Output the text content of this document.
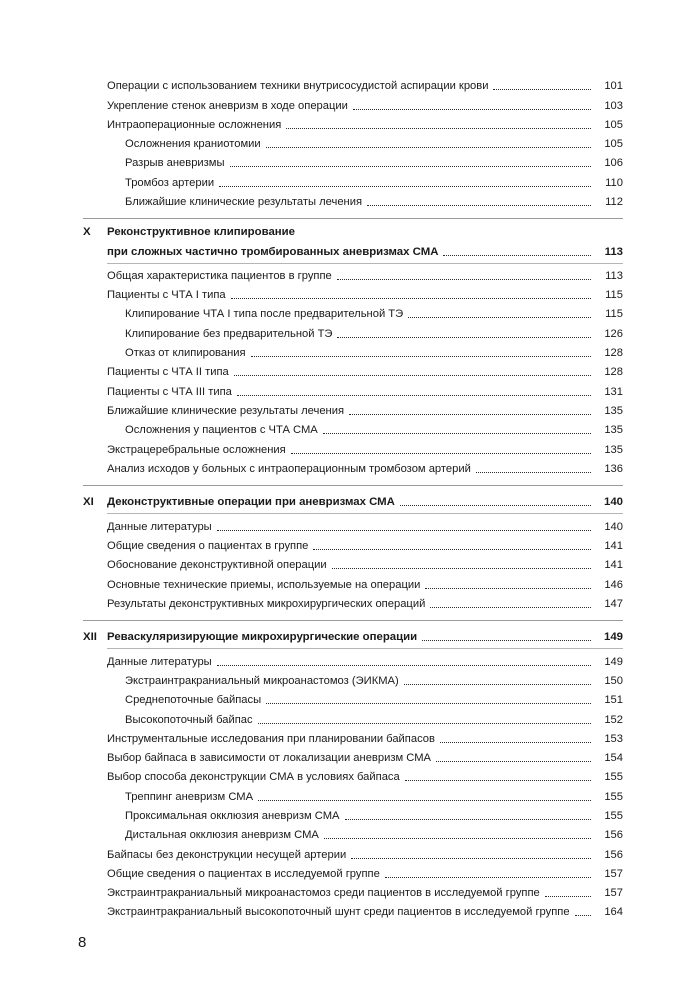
Операции с использованием техники внутрисосудистой аспирации крови	101
Укрепление стенок аневризм в ходе операции	103
Интраоперационные осложнения	105
Осложнения краниотомии	105
Разрыв аневризмы	106
Тромбоз артерии	110
Ближайшие клинические результаты лечения	112
X	Реконструктивное клипирование
при сложных частично тромбированных аневризмах СМА	113
Общая характеристика пациентов в группе	113
Пациенты с ЧТА I типа	115
Клипирование ЧТА I типа после предварительной ТЭ	115
Клипирование без предварительной ТЭ	126
Отказ от клипирования	128
Пациенты с ЧТА II типа	128
Пациенты с ЧТА III типа	131
Ближайшие клинические результаты лечения	135
Осложнения у пациентов с ЧТА СМА	135
Экстрацеребральные осложнения	135
Анализ исходов у больных с интраоперационным тромбозом артерий	136
XI	Деконструктивные операции при аневризмах СМА	140
Данные литературы	140
Общие сведения о пациентах в группе	141
Обоснование деконструктивной операции	141
Основные технические приемы, используемые на операции	146
Результаты деконструктивных микрохирургических операций	147
XII Реваскуляризирующие микрохирургические операции	149
Данные литературы	149
Экстраинтракраниальный микроанастомоз (ЭИКМА)	150
Среднепоточные байпасы	151
Высокопоточный байпас	152
Инструментальные исследования при планировании байпасов	153
Выбор байпаса в зависимости от локализации аневризм СМА	154
Выбор способа деконструкции СМА в условиях байпаса	155
Треппинг аневризм СМА	155
Проксимальная окклюзия аневризм СМА	155
Дистальная окклюзия аневризм СМА	156
Байпасы без деконструкции несущей артерии	156
Общие сведения о пациентах в исследуемой группе	157
Экстраинтракраниальный микроанастомоз среди пациентов в исследуемой группе	157
Экстраинтракраниальный высокопоточный шунт среди пациентов в исследуемой группе	164
8
